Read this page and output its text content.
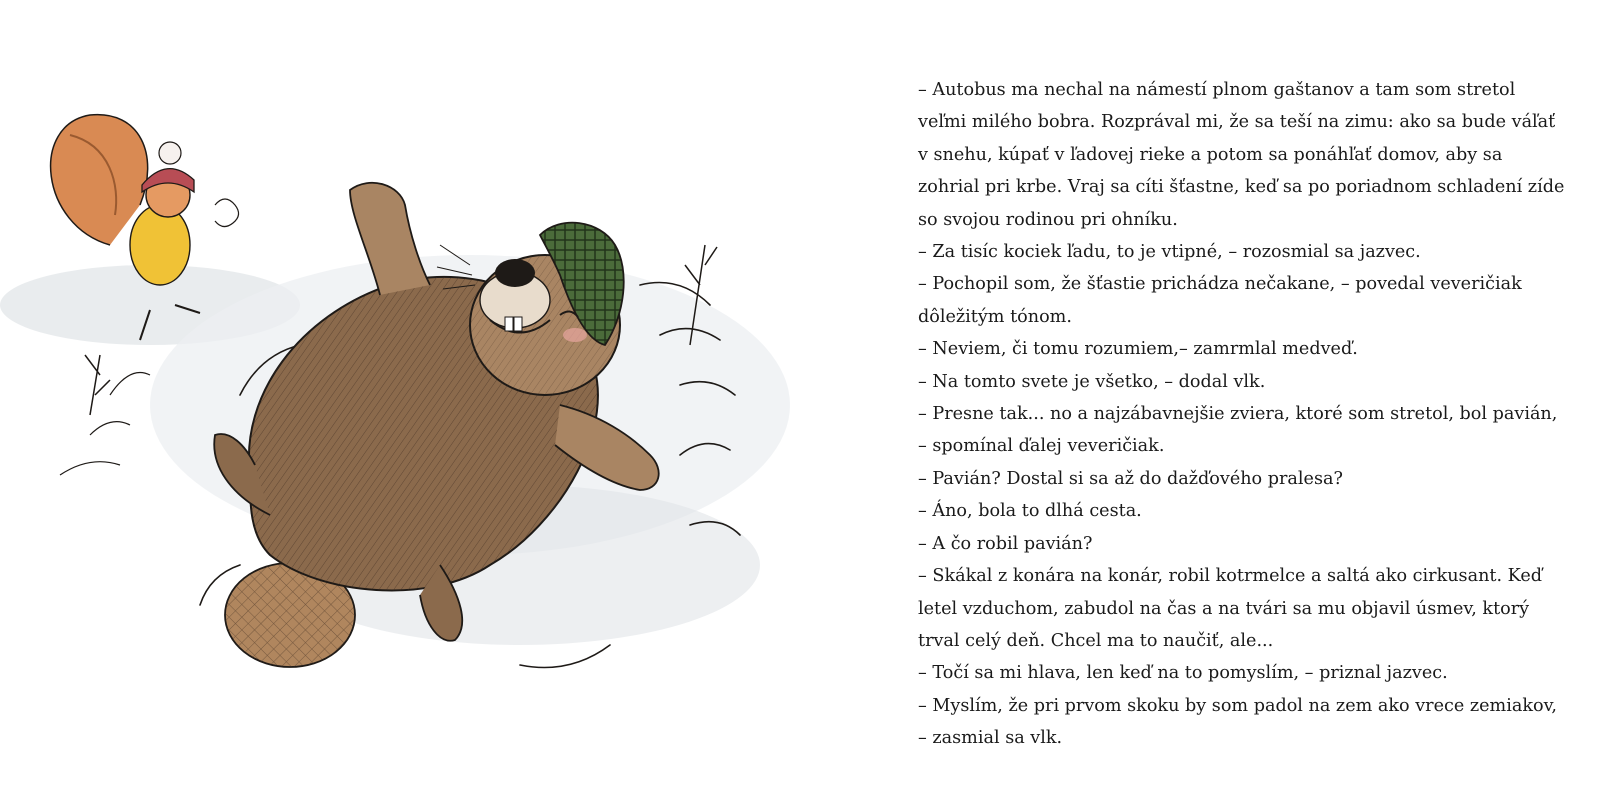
– Autobus ma nechal na námestí plnom gaštanov a tam som stretol veľmi milého bobra. Rozprával mi, že sa teší na zimu: ako sa bude váľať v snehu, kúpať v ľadovej rieke a potom sa ponáhľať domov, aby sa zohrial pri krbe. Vraj sa cíti šťastne, keď sa po poriadnom schladení zíde so svojou rodinou pri ohníku.

– Za tisíc kociek ľadu, to je vtipné, – rozosmial sa jazvec.

– Pochopil som, že šťastie prichádza nečakane, – povedal veveričiak dôležitým tónom.

– Neviem, či tomu rozumiem,– zamrmlal medveď.

– Na tomto svete je všetko, – dodal vlk.

– Presne tak... no a najzábavnejšie zviera, ktoré som stretol, bol pavián, – spomínal ďalej veveričiak.

– Pavián? Dostal si sa až do dažďového pralesa?

– Áno, bola to dlhá cesta.

– A čo robil pavián?

– Skákal z konára na konár, robil kotrmelce a saltá ako cirkusant. Keď letel vzduchom, zabudol na čas a na tvári sa mu objavil úsmev, ktorý trval celý deň. Chcel ma to naučiť, ale...

– Točí sa mi hlava, len keď na to pomyslím, – priznal jazvec.

– Myslím, že pri prvom skoku by som padol na zem ako vrece zemiakov, – zasmial sa vlk.
